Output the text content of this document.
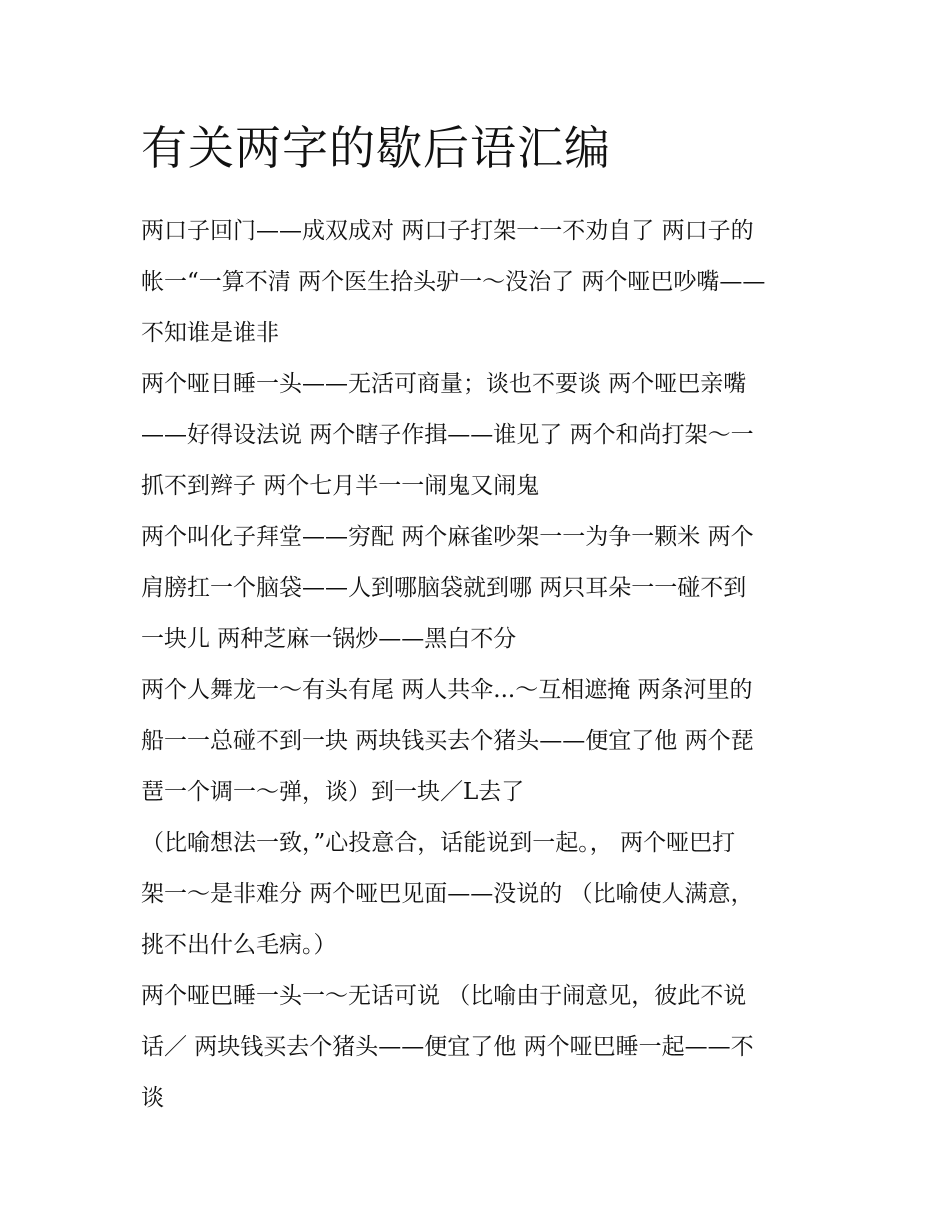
有关两字的歇后语汇编

两口子回门——成双成对 两口子打架一一不劝自了 两口子的

帐一“一算不清 两个医生拾头驴一～没治了 两个哑巴吵嘴——

不知谁是谁非

两个哑日睡一头——无活可商量；谈也不要谈 两个哑巴亲嘴

——好得设法说 两个瞎子作揖——谁见了 两个和尚打架～一

抓不到辫子 两个七月半一一闹鬼又闹鬼

两个叫化子拜堂——穷配 两个麻雀吵架一一为争一颗米 两个

肩膀扛一个脑袋——人到哪脑袋就到哪 两只耳朵一一碰不到

一块儿 两种芝麻一锅炒——黑白不分

两个人舞龙一～有头有尾 两人共伞...～互相遮掩 两条河里的

船一一总碰不到一块 两块钱买去个猪头——便宜了他 两个琵

琶一个调一～弹，谈）到一块／L去了

（比喻想法一致，”心投意合，话能说到一起。， 两个哑巴打

架一～是非难分 两个哑巴见面——没说的 （比喻使人满意，

挑不出什么毛病。）

两个哑巴睡一头一～无话可说 （比喻由于闹意见，彼此不说

话／ 两块钱买去个猪头——便宜了他 两个哑巴睡一起——不

谈
